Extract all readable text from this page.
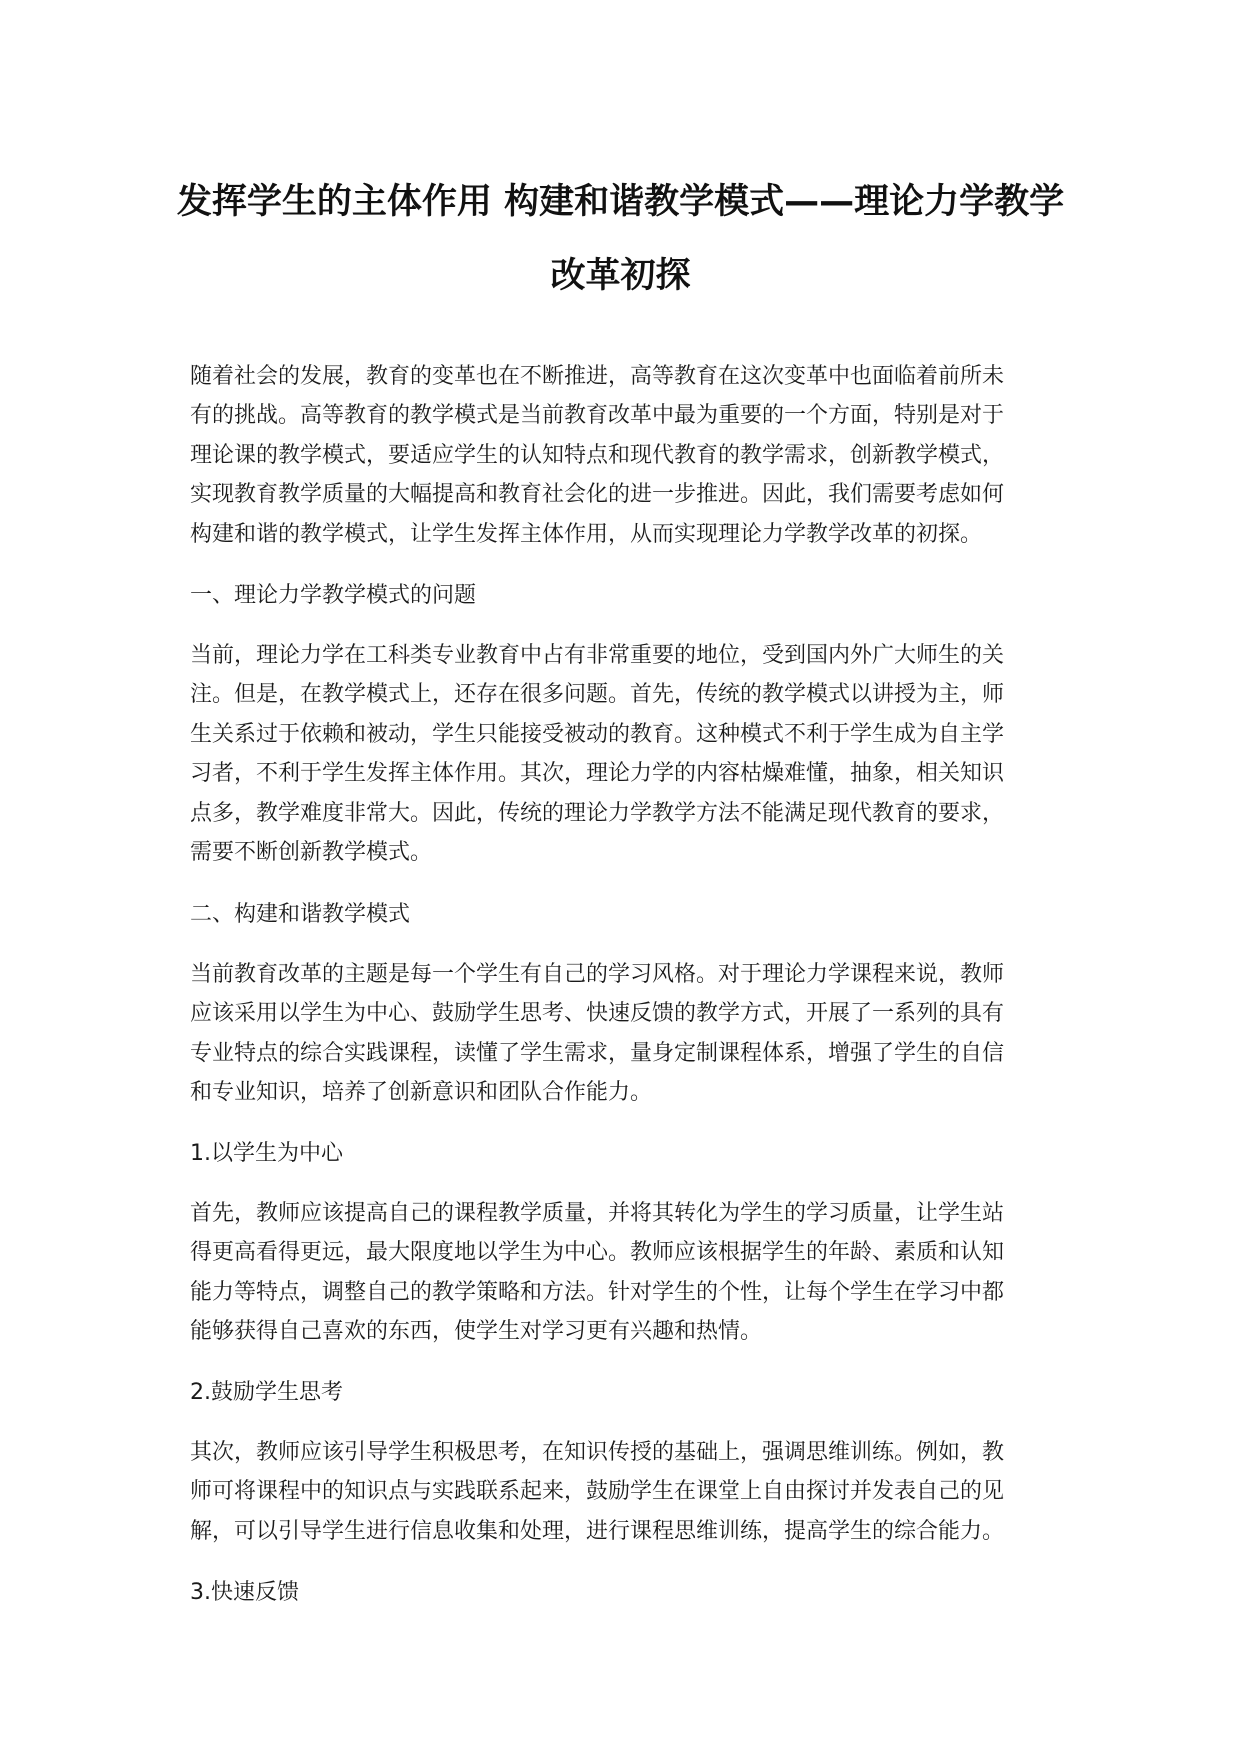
发挥学生的主体作用 构建和谐教学模式——理论力学教学
改革初探
随着社会的发展，教育的变革也在不断推进，高等教育在这次变革中也面临着前所未
有的挑战。高等教育的教学模式是当前教育改革中最为重要的一个方面，特别是对于
理论课的教学模式，要适应学生的认知特点和现代教育的教学需求，创新教学模式，
实现教育教学质量的大幅提高和教育社会化的进一步推进。因此，我们需要考虑如何
构建和谐的教学模式，让学生发挥主体作用，从而实现理论力学教学改革的初探。
一、理论力学教学模式的问题
当前，理论力学在工科类专业教育中占有非常重要的地位，受到国内外广大师生的关
注。但是，在教学模式上，还存在很多问题。首先，传统的教学模式以讲授为主，师
生关系过于依赖和被动，学生只能接受被动的教育。这种模式不利于学生成为自主学
习者，不利于学生发挥主体作用。其次，理论力学的内容枯燥难懂，抽象，相关知识
点多，教学难度非常大。因此，传统的理论力学教学方法不能满足现代教育的要求，
需要不断创新教学模式。
二、构建和谐教学模式
当前教育改革的主题是每一个学生有自己的学习风格。对于理论力学课程来说，教师
应该采用以学生为中心、鼓励学生思考、快速反馈的教学方式，开展了一系列的具有
专业特点的综合实践课程，读懂了学生需求，量身定制课程体系，增强了学生的自信
和专业知识，培养了创新意识和团队合作能力。
1.以学生为中心
首先，教师应该提高自己的课程教学质量，并将其转化为学生的学习质量，让学生站
得更高看得更远，最大限度地以学生为中心。教师应该根据学生的年龄、素质和认知
能力等特点，调整自己的教学策略和方法。针对学生的个性，让每个学生在学习中都
能够获得自己喜欢的东西，使学生对学习更有兴趣和热情。
2.鼓励学生思考
其次，教师应该引导学生积极思考，在知识传授的基础上，强调思维训练。例如，教
师可将课程中的知识点与实践联系起来，鼓励学生在课堂上自由探讨并发表自己的见
解，可以引导学生进行信息收集和处理，进行课程思维训练，提高学生的综合能力。
3.快速反馈
